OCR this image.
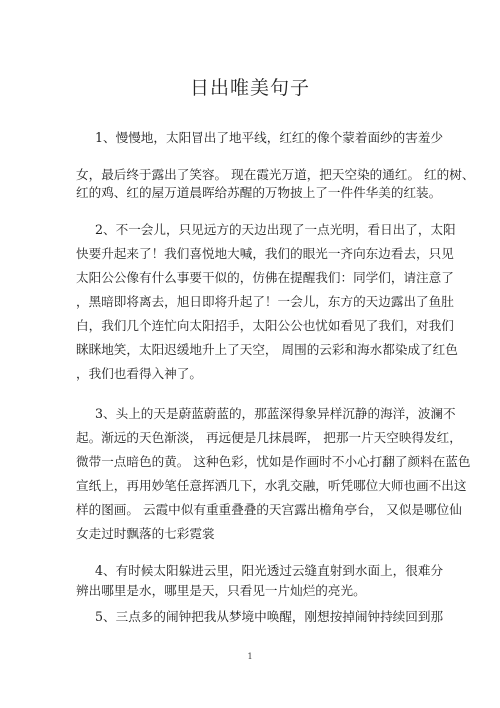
日出唯美句子
1、慢慢地，太阳冒出了地平线，红红的像个蒙着面纱的害羞少
女，最后终于露出了笑容。 现在霞光万道，把天空染的通红。 红的树、
红的鸡、红的屋万道晨晖给苏醒的万物披上了一件件华美的红装。
2、不一会儿，只见远方的天边出现了一点光明，看日出了，太阳
快要升起来了！我们喜悦地大喊，我们的眼光一齐向东边看去，只见
太阳公公像有什么事要干似的，仿佛在提醒我们：同学们，请注意了
，黑暗即将离去，旭日即将升起了！一会儿，东方的天边露出了鱼肚
白，我们几个连忙向太阳招手，太阳公公也忧如看见了我们，对我们
眯眯地笑，太阳迟缓地升上了天空， 周围的云彩和海水都染成了红色
，我们也看得入神了。
3、头上的天是蔚蓝蔚蓝的，那蓝深得象异样沉静的海洋，波澜不
起。渐远的天色渐淡， 再远便是几抹晨晖， 把那一片天空映得发红，
微带一点暗色的黄。 这种色彩，忧如是作画时不小心打翻了颜料在蓝色
宣纸上，再用妙笔任意挥洒几下，水乳交融，听凭哪位大师也画不出这
样的图画。 云霞中似有重重叠叠的天宫露出檐角亭台， 又似是哪位仙
女走过时飘落的七彩霓裳
4、有时候太阳躲进云里，阳光透过云缝直射到水面上，很难分
辨出哪里是水，哪里是天，只看见一片灿烂的亮光。
5、三点多的闹钟把我从梦境中唤醒，刚想按掉闹钟持续回到那
1
